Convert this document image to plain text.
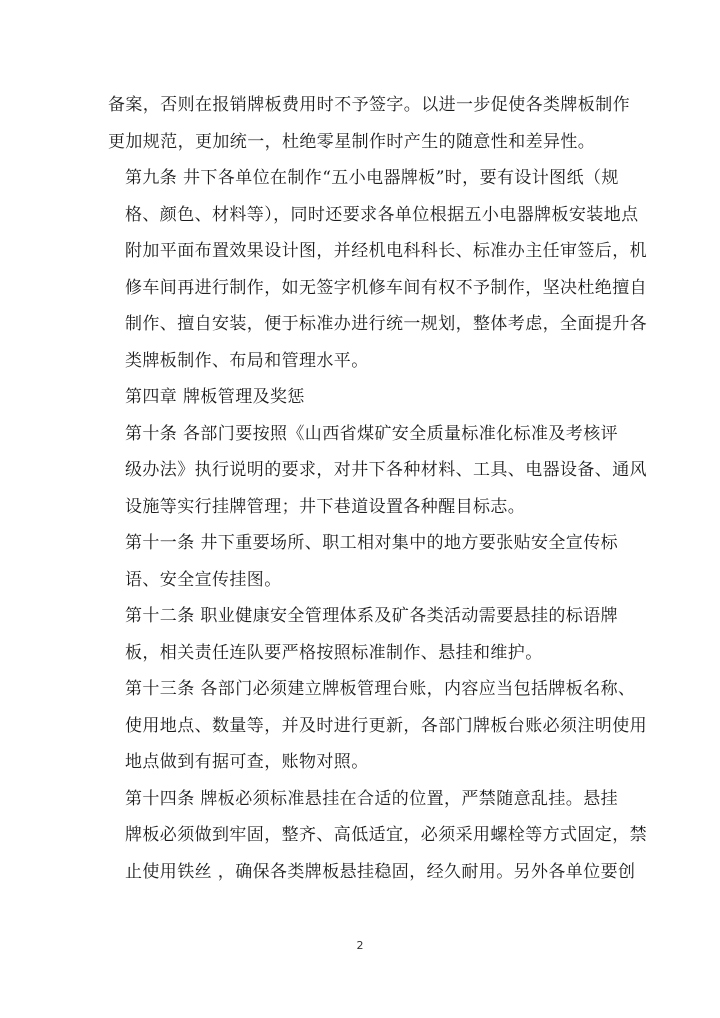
备案，否则在报销牌板费用时不予签字。以进一步促使各类牌板制作
更加规范，更加统一，杜绝零星制作时产生的随意性和差异性。

第九条 井下各单位在制作“五小电器牌板”时，要有设计图纸（规
格、颜色、材料等），同时还要求各单位根据五小电器牌板安装地点
附加平面布置效果设计图，并经机电科科长、标准办主任审签后，机
修车间再进行制作，如无签字机修车间有权不予制作，坚决杜绝擅自
制作、擅自安装，便于标准办进行统一规划，整体考虑，全面提升各
类牌板制作、布局和管理水平。

第四章 牌板管理及奖惩

第十条 各部门要按照《山西省煤矿安全质量标准化标准及考核评
级办法》执行说明的要求，对井下各种材料、工具、电器设备、通风
设施等实行挂牌管理；井下巷道设置各种醒目标志。

第十一条 井下重要场所、职工相对集中的地方要张贴安全宣传标
语、安全宣传挂图。

第十二条 职业健康安全管理体系及矿各类活动需要悬挂的标语牌
板，相关责任连队要严格按照标准制作、悬挂和维护。

第十三条 各部门必须建立牌板管理台账，内容应当包括牌板名称、
使用地点、数量等，并及时进行更新，各部门牌板台账必须注明使用
地点做到有据可查，账物对照。

第十四条 牌板必须标准悬挂在合适的位置，严禁随意乱挂。悬挂
牌板必须做到牢固，整齐、高低适宜，必须采用螺栓等方式固定，禁
止使用铁丝 ，确保各类牌板悬挂稳固，经久耐用。另外各单位要创

2
